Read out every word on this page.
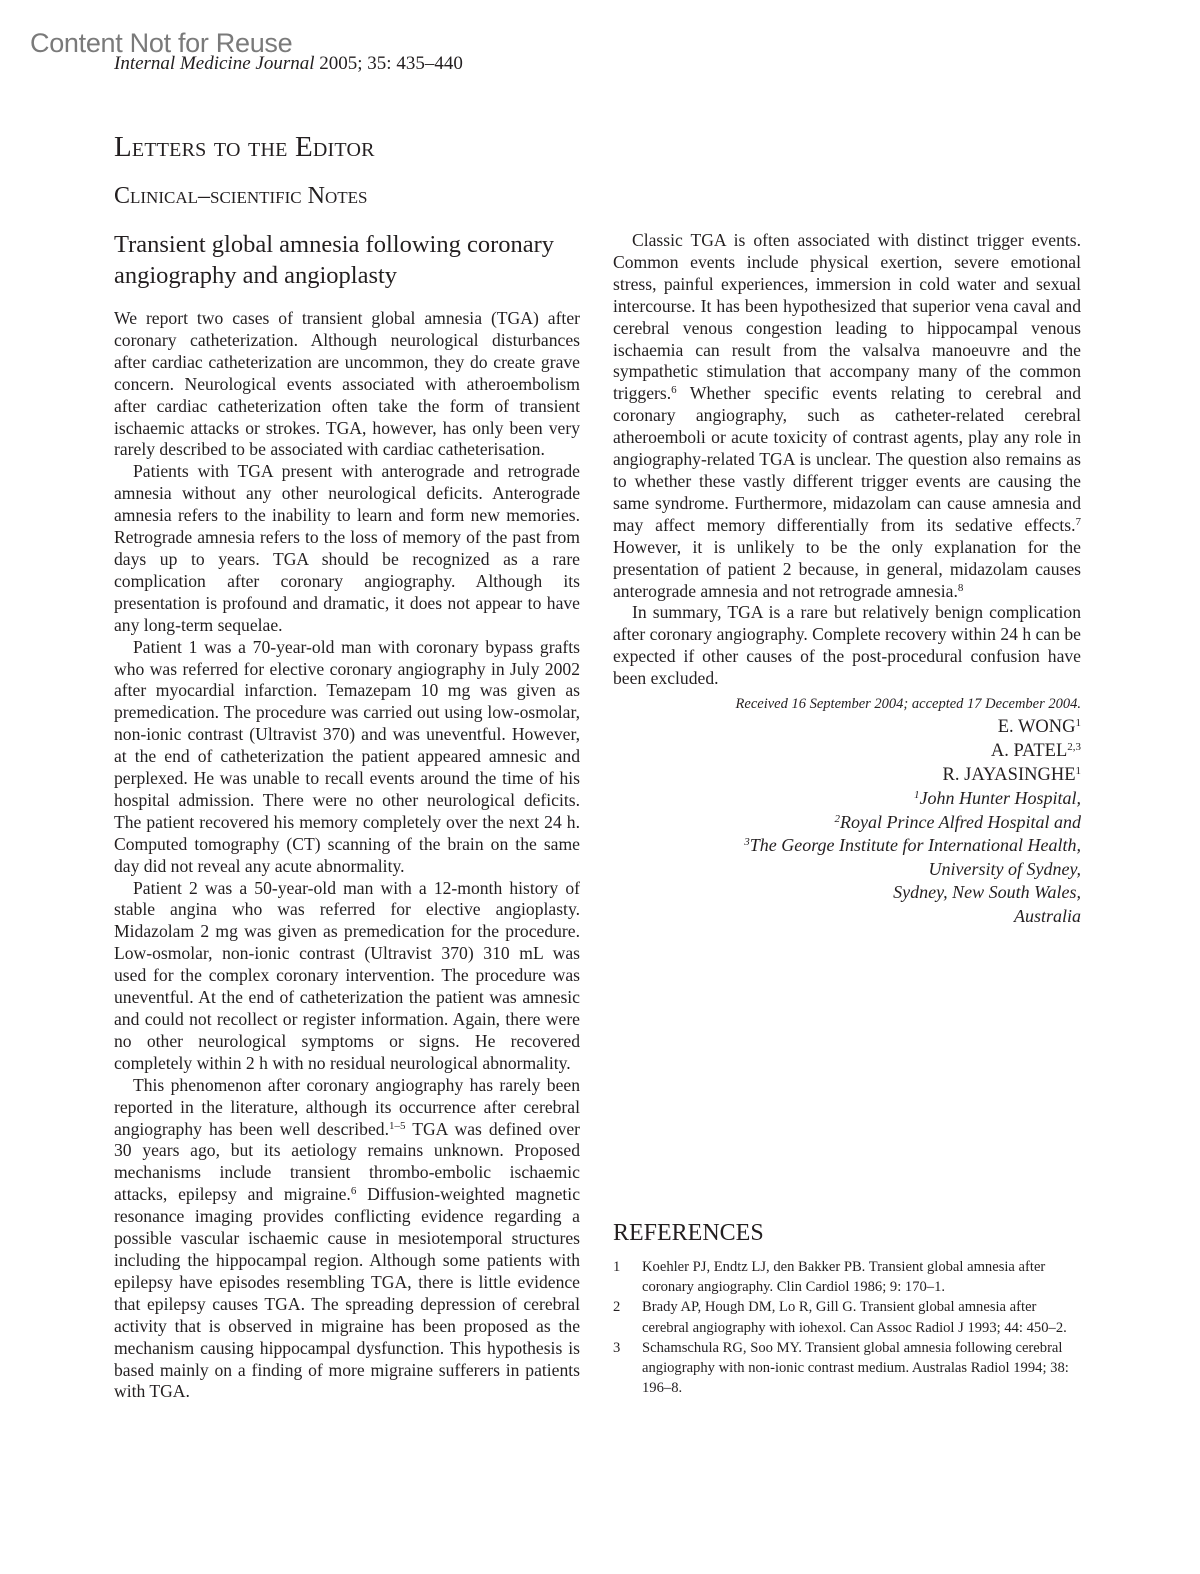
Content Not for Reuse
Internal Medicine Journal 2005; 35: 435–440
Letters to the Editor
Clinical–scientific Notes
Transient global amnesia following coronary angiography and angioplasty

We report two cases of transient global amnesia (TGA) after coronary catheterization. Although neurological disturbances after cardiac catheterization are uncommon, they do create grave concern. Neurological events associated with atheroembolism after cardiac catheterization often take the form of transient ischaemic attacks or strokes. TGA, however, has only been very rarely described to be associated with cardiac catheterisation.

Patients with TGA present with anterograde and retrograde amnesia without any other neurological deficits. Anterograde amnesia refers to the inability to learn and form new memories. Retrograde amnesia refers to the loss of memory of the past from days up to years. TGA should be recognized as a rare complication after coronary angiography. Although its presentation is profound and dramatic, it does not appear to have any long-term sequelae.

Patient 1 was a 70-year-old man with coronary bypass grafts who was referred for elective coronary angiography in July 2002 after myocardial infarction. Temazepam 10 mg was given as premedication. The procedure was carried out using low-osmolar, non-ionic contrast (Ultravist 370) and was uneventful. However, at the end of catheterization the patient appeared amnesic and perplexed. He was unable to recall events around the time of his hospital admission. There were no other neurological deficits. The patient recovered his memory completely over the next 24 h. Computed tomography (CT) scanning of the brain on the same day did not reveal any acute abnormality.

Patient 2 was a 50-year-old man with a 12-month history of stable angina who was referred for elective angioplasty. Midazolam 2 mg was given as premedication for the procedure. Low-osmolar, non-ionic contrast (Ultravist 370) 310 mL was used for the complex coronary intervention. The procedure was uneventful. At the end of catheterization the patient was amnesic and could not recollect or register information. Again, there were no other neurological symptoms or signs. He recovered completely within 2 h with no residual neurological abnormality.

This phenomenon after coronary angiography has rarely been reported in the literature, although its occurrence after cerebral angiography has been well described.$^{1-5}$ TGA was defined over 30 years ago, but its aetiology remains unknown. Proposed mechanisms include transient thrombo-embolic ischaemic attacks, epilepsy and migraine.$^6$ Diffusion-weighted magnetic resonance imaging provides conflicting evidence regarding a possible vascular ischaemic cause in mesiotemporal structures including the hippocampal region. Although some patients with epilepsy have episodes resembling TGA, there is little evidence that epilepsy causes TGA. The spreading depression of cerebral activity that is observed in migraine has been proposed as the mechanism causing hippocampal dysfunction. This hypothesis is based mainly on a finding of more migraine sufferers in patients with TGA.

Classic TGA is often associated with distinct trigger events. Common events include physical exertion, severe emotional stress, painful experiences, immersion in cold water and sexual intercourse. It has been hypothesized that superior vena caval and cerebral venous congestion leading to hippocampal venous ischaemia can result from the valsalva manoeuvre and the sympathetic stimulation that accompany many of the common triggers.$^6$ Whether specific events relating to cerebral and coronary angiography, such as catheter-related cerebral atheroemboli or acute toxicity of contrast agents, play any role in angiography-related TGA is unclear. The question also remains as to whether these vastly different trigger events are causing the same syndrome. Furthermore, midazolam can cause amnesia and may affect memory differentially from its sedative effects.$^7$ However, it is unlikely to be the only explanation for the presentation of patient 2 because, in general, midazolam causes anterograde amnesia and not retrograde amnesia.$^8$

In summary, TGA is a rare but relatively benign complication after coronary angiography. Complete recovery within 24 h can be expected if other causes of the post-procedural confusion have been excluded.

Received 16 September 2004; accepted 17 December 2004.
E. WONG$^1$
A. PATEL$^{2,3}$
R. JAYASINGHE$^1$
$^1$John Hunter Hospital,
$^2$Royal Prince Alfred Hospital and
$^3$The George Institute for International Health,
University of Sydney,
Sydney, New South Wales,
Australia
REFERENCES
1	Koehler PJ, Endtz LJ, den Bakker PB. Transient global amnesia after coronary angiography. Clin Cardiol 1986; 9: 170–1.
2	Brady AP, Hough DM, Lo R, Gill G. Transient global amnesia after cerebral angiography with iohexol. Can Assoc Radiol J 1993; 44: 450–2.
3	Schamschula RG, Soo MY. Transient global amnesia following cerebral angiography with non-ionic contrast medium. Australas Radiol 1994; 38: 196–8.
